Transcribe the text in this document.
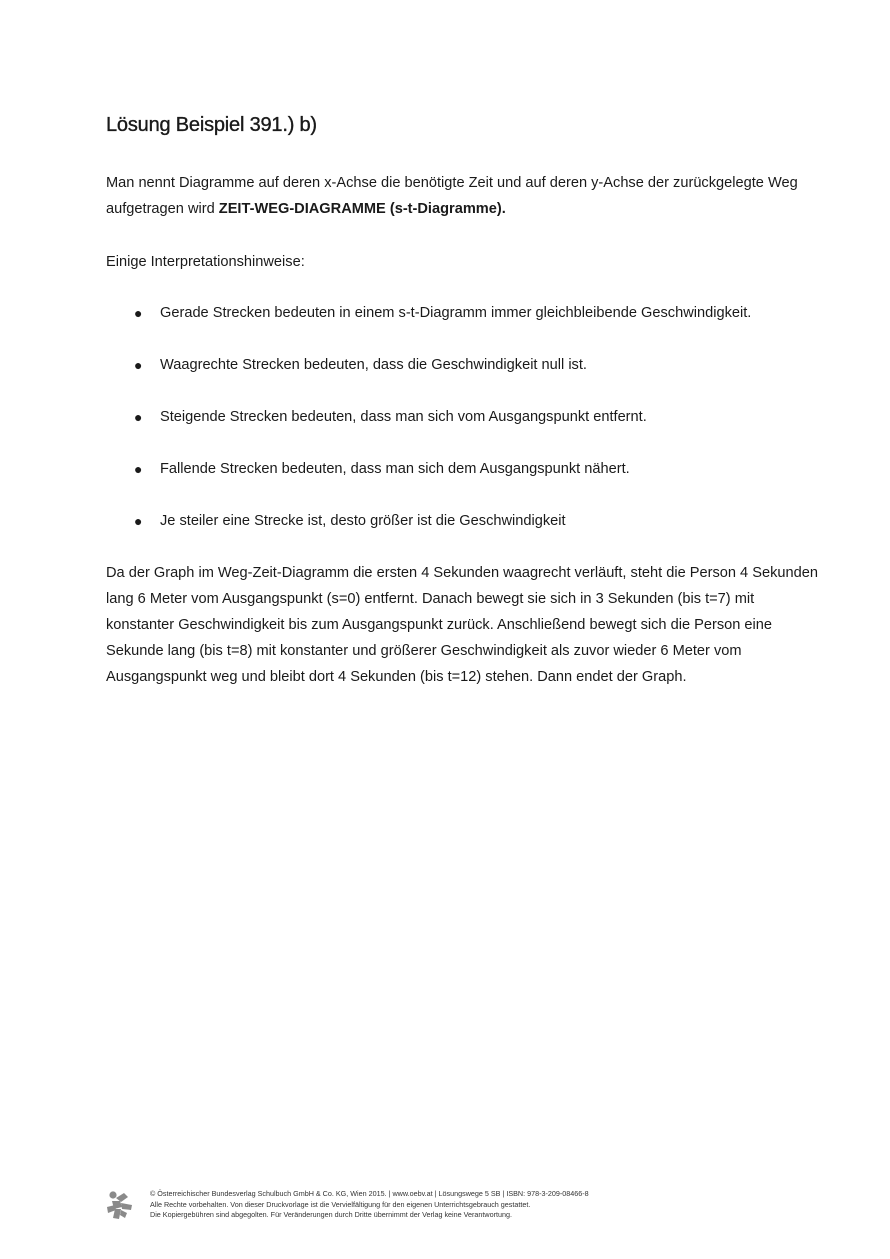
Lösung Beispiel 391.) b)

Man nennt Diagramme auf deren x-Achse die benötigte Zeit und auf deren y-Achse der zurückgelegte Weg aufgetragen wird ZEIT-WEG-DIAGRAMME (s-t-Diagramme).

Einige Interpretationshinweise:

● Gerade Strecken bedeuten in einem s-t-Diagramm immer gleichbleibende Geschwindigkeit.
● Waagrechte Strecken bedeuten, dass die Geschwindigkeit null ist.
● Steigende Strecken bedeuten, dass man sich vom Ausgangspunkt entfernt.
● Fallende Strecken bedeuten, dass man sich dem Ausgangspunkt nähert.
● Je steiler eine Strecke ist, desto größer ist die Geschwindigkeit

Da der Graph im Weg-Zeit-Diagramm die ersten 4 Sekunden waagrecht verläuft, steht die Person 4 Sekunden lang 6 Meter vom Ausgangspunkt (s=0) entfernt. Danach bewegt sie sich in 3 Sekunden (bis t=7) mit konstanter Geschwindigkeit bis zum Ausgangspunkt zurück. Anschließend bewegt sich die Person eine Sekunde lang (bis t=8) mit konstanter und größerer Geschwindigkeit als zuvor wieder 6 Meter vom Ausgangspunkt weg und bleibt dort 4 Sekunden (bis t=12) stehen. Dann endet der Graph.

© Österreichischer Bundesverlag Schulbuch GmbH & Co. KG, Wien 2015. | www.oebv.at | Lösungswege 5 SB | ISBN: 978-3-209-08466-8
Alle Rechte vorbehalten. Von dieser Druckvorlage ist die Vervielfältigung für den eigenen Unterrichtsgebrauch gestattet.
Die Kopiergebühren sind abgegolten. Für Veränderungen durch Dritte übernimmt der Verlag keine Verantwortung.
